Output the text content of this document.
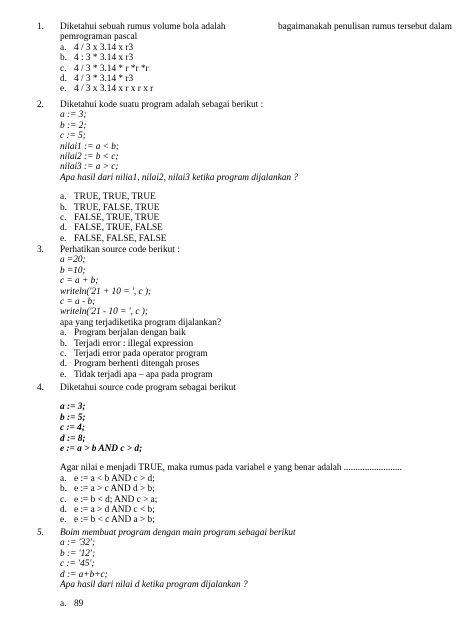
1.	Diketahui sebuah rumus volume bola adalah	bagaimanakah penulisan rumus tersebut dalam
pemrograman pascal
a. 4 / 3 x 3.14 x r3
b. 4 : 3 * 3.14 x r3
c. 4 / 3 * 3.14 * r *r *r
d. 4 / 3 * 3.14 * r3
e. 4 / 3 x 3.14 x r x r x r
2.	Diketahui kode suatu program adalah sebagai berikut :
a := 3;
b := 2;
c := 5;
nilai1 := a < b;
nilai2 := b < c;
nilai3 := a > c;
Apa hasil dari nilia1, nilai2, nilai3 ketika program dijalankan ?
a. TRUE, TRUE, TRUE
b. TRUE, FALSE, TRUE
c. FALSE, TRUE, TRUE
d. FALSE, TRUE, FALSE
e. FALSE, FALSE, FALSE
3.	Perhatikan source code berikut :
a =20;
b =10;
c = a + b;
writeln('21 + 10 = ', c );
c = a - b;
writeln('21 - 10 = ', c );
apa yang terjadiketika program dijalankan?
a. Program berjalan dengan baik
b. Terjadi error : illegal expression
c. Terjadi error pada operator program
d. Program berhenti ditengah proses
e. Tidak terjadi apa – apa pada program
4.	Diketahui source code program sebagai berikut
a := 3;
b := 5;
c := 4;
d := 8;
e := a > b AND c > d;
Agar nilai e menjadi TRUE, maka rumus pada variabel e yang benar adalah .........................
a. e := a < b AND c > d;
b. e := a > c AND d > b;
c. e := b < d; AND c > a;
d. e := a > d AND c < b;
e. e := b < c AND a > b;
5.	Boim membuat program dengan main program sebagai berikut
a := '32';
b := '12';
c := '45';
d := a+b+c;
Apa hasil dari nilai d ketika program dijalankan ?
a. 89
